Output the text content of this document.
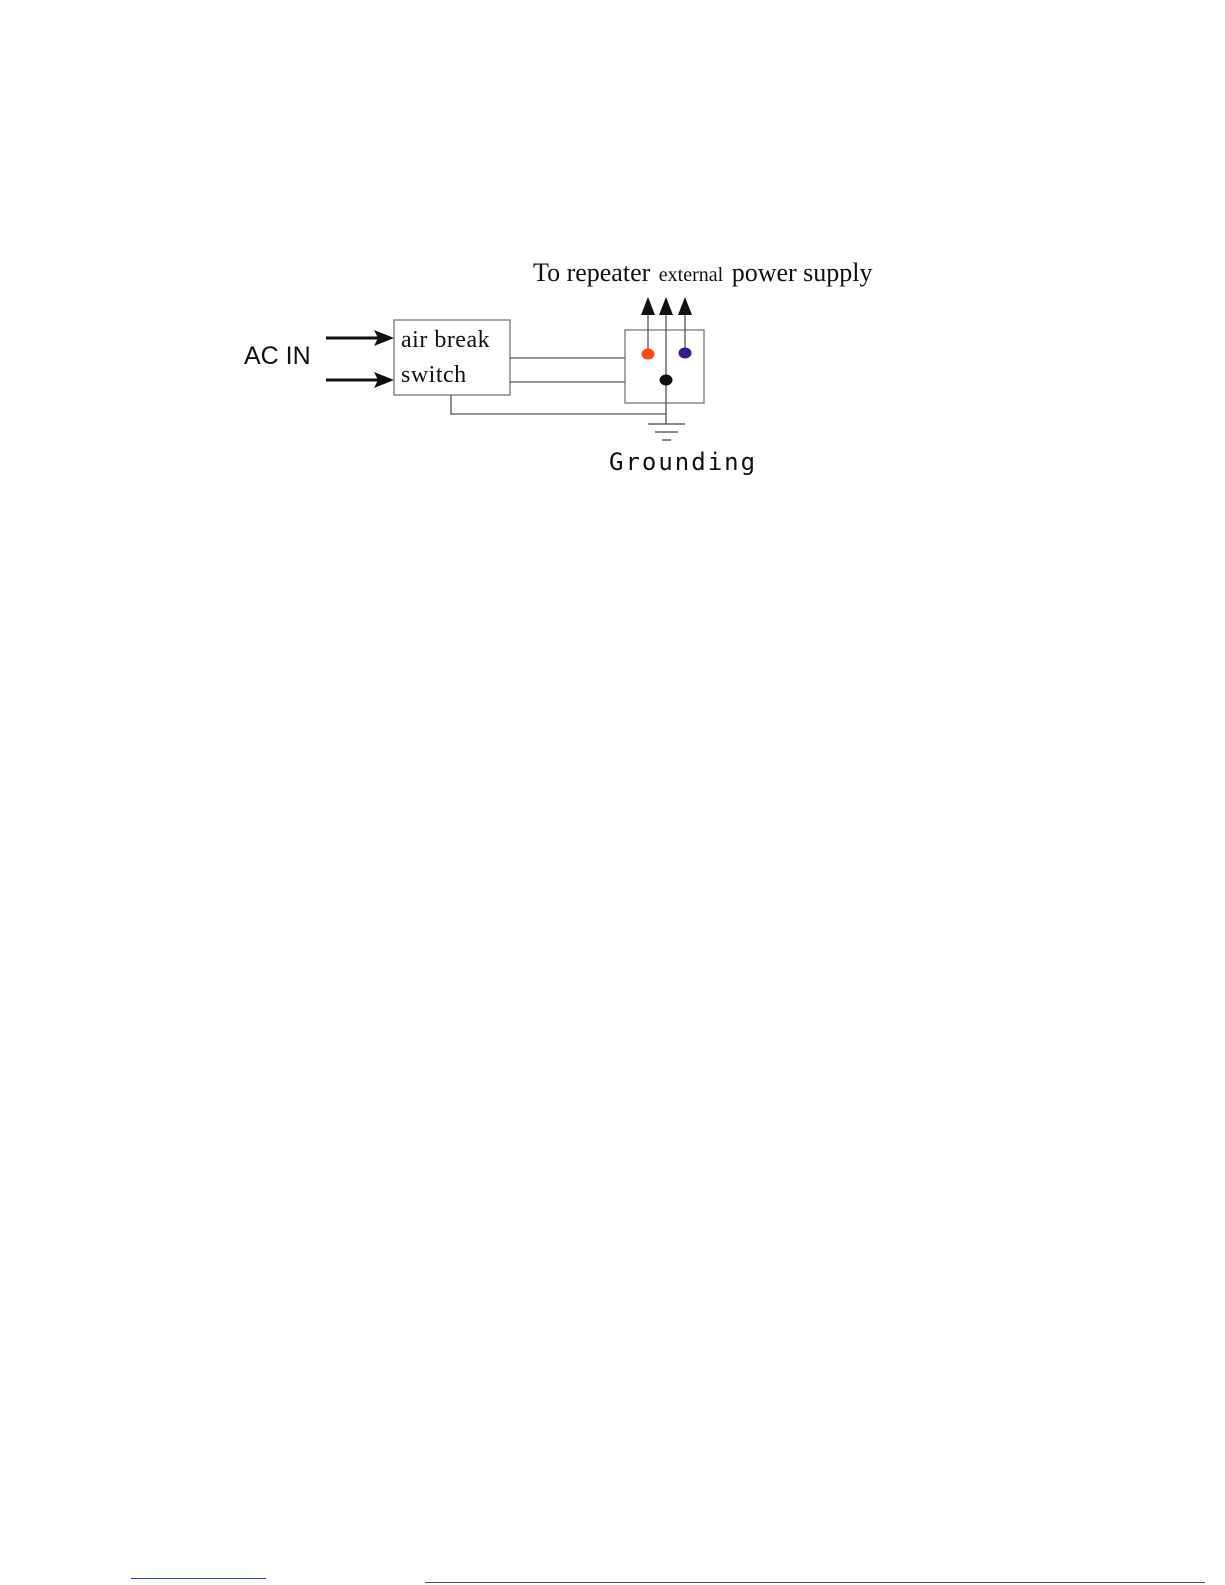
To repeater external power supply
AC IN
air break
switch
Grounding
